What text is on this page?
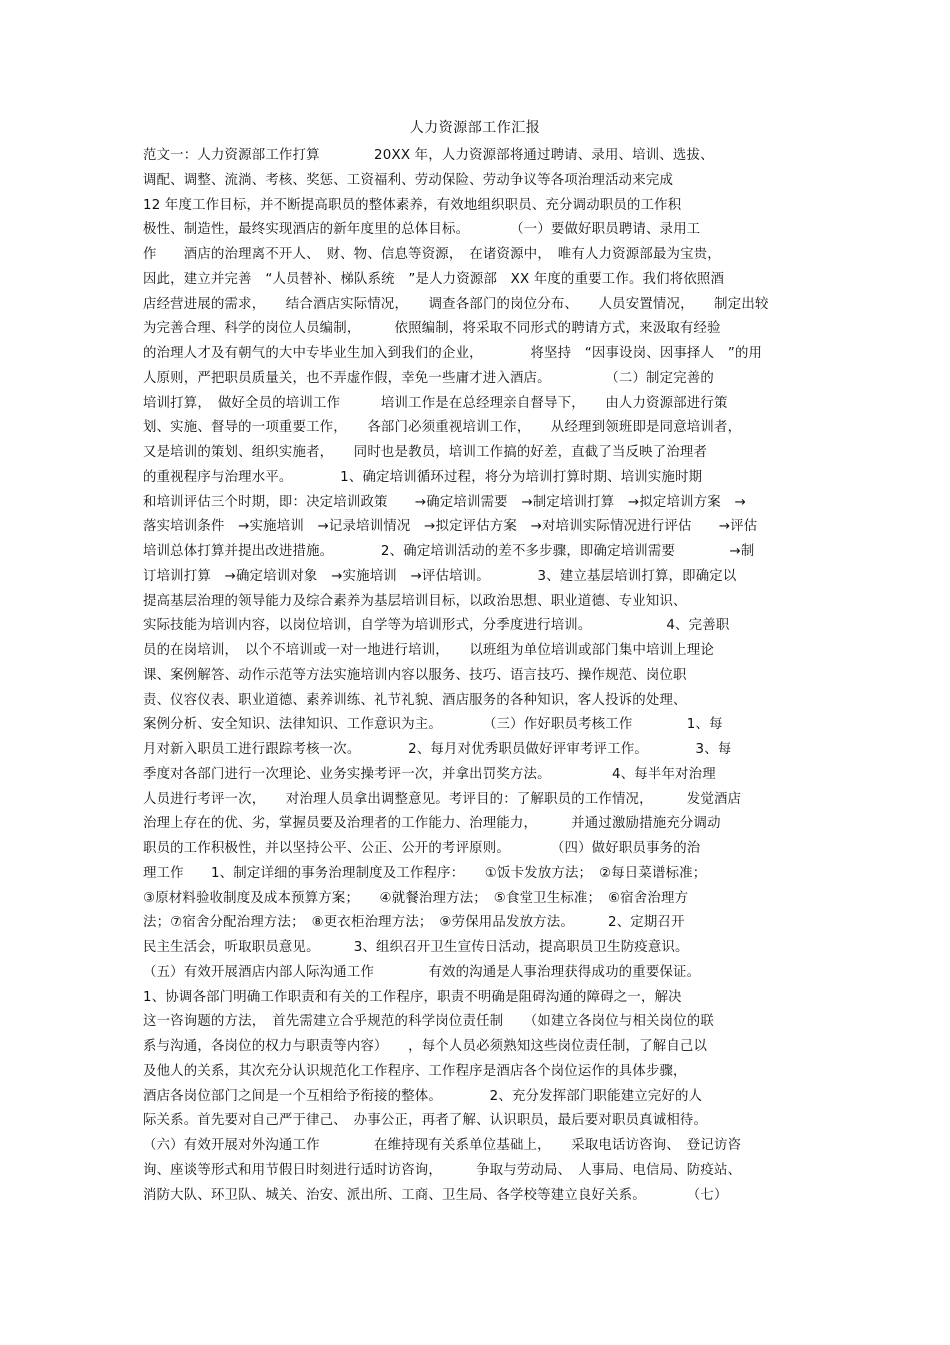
人力资源部工作汇报
范文一：人力资源部工作打算　　　　20XX 年，人力资源部将通过聘请、录用、培训、选拔、
调配、调整、流淌、考核、奖惩、工资福利、劳动保险、劳动争议等各项治理活动来完成
12 年度工作目标，并不断提高职员的整体素养，有效地组织职员、充分调动职员的工作积
极性、制造性，最终实现酒店的新年度里的总体目标。　　　　（一）要做好职员聘请、录用工
作　　酒店的治理离不开人、　财、物、信息等资源，　在诸资源中，　唯有人力资源部最为宝贵，
因此，建立并完善　“人员替补、梯队系统　”是人力资源部　XX 年度的重要工作。我们将依照酒
店经营进展的需求，　　结合酒店实际情况，　　调查各部门的岗位分布、　　人员安置情况，　　制定出较
为完善合理、科学的岗位人员编制，　　　依照编制，将采取不同形式的聘请方式，来汲取有经验
的治理人才及有朝气的大中专毕业生加入到我们的企业，　　　　将坚持　“因事设岗、因事择人　”的用
人原则，严把职员质量关，也不弄虚作假，幸免一些庸才进入酒店。　　　　　（二）制定完善的
培训打算，　做好全员的培训工作　　　培训工作是在总经理亲自督导下，　　由人力资源部进行策
划、实施、督导的一项重要工作，　　各部门必须重视培训工作，　　从经理到领班即是同意培训者，
又是培训的策划、组织实施者，　　同时也是教员，培训工作搞的好差，直截了当反映了治理者
的重视程序与治理水平。　　　　1、确定培训循环过程，将分为培训打算时期、培训实施时期
和培训评估三个时期，即：决定培训政策　　→确定培训需要　→制定培训打算　→拟定培训方案　→
落实培训条件　→实施培训　→记录培训情况　→拟定评估方案　→对培训实际情况进行评估　　→评估
培训总体打算并提出改进措施。　　　　2、确定培训活动的差不多步骤，即确定培训需要　　　　→制
订培训打算　→确定培训对象　→实施培训　→评估培训。　　　　3、建立基层培训打算，即确定以
提高基层治理的领导能力及综合素养为基层培训目标，以政治思想、职业道德、专业知识、
实际技能为培训内容，以岗位培训，自学等为培训形式，分季度进行培训。　　　　　　4、完善职
员的在岗培训，　以个不培训或一对一地进行培训，　　以班组为单位培训或部门集中培训上理论
课、案例解答、动作示范等方法实施培训内容以服务、技巧、语言技巧、操作规范、岗位职
责、仪容仪表、职业道德、素养训练、礼节礼貌、酒店服务的各种知识，客人投诉的处理、
案例分析、安全知识、法律知识、工作意识为主。　　　　（三）作好职员考核工作　　　　1、每
月对新入职员工进行跟踪考核一次。　　　　2、每月对优秀职员做好评审考评工作。　　　　3、每
季度对各部门进行一次理论、业务实操考评一次，并拿出罚奖方法。　　　　　4、每半年对治理
人员进行考评一次，　　对治理人员拿出调整意见。考评目的：了解职员的工作情况，　　　发觉酒店
治理上存在的优、劣，掌握员要及治理者的工作能力、治理能力，　　　并通过激励措施充分调动
职员的工作积极性，并以坚持公平、公正、公开的考评原则。　　　　（四）做好职员事务的治
理工作　　1、制定详细的事务治理制度及工作程序：　　①饭卡发放方法；　②每日菜谱标准；
③原材料验收制度及成本预算方案；　　④就餐治理方法；　⑤食堂卫生标准；　⑥宿舍治理方
法；⑦宿舍分配治理方法；　⑧更衣柜治理方法；　⑨劳保用品发放方法。　　　2、定期召开
民主生活会，听取职员意见。　　　3、组织召开卫生宣传日活动，提高职员卫生防疫意识。
（五）有效开展酒店内部人际沟通工作　　　　有效的沟通是人事治理获得成功的重要保证。
1、协调各部门明确工作职责和有关的工作程序，职责不明确是阻碍沟通的障碍之一，解决
这一咨询题的方法，　首先需建立合乎规范的科学岗位责任制　　（如建立各岗位与相关岗位的联
系与沟通，各岗位的权力与职责等内容）　　，每个人员必须熟知这些岗位责任制，了解自己以
及他人的关系，其次充分认识规范化工作程序、工作程序是酒店各个岗位运作的具体步骤，
酒店各岗位部门之间是一个互相给予衔接的整体。　　　　2、充分发挥部门职能建立完好的人
际关系。首先要对自己严于律己、　办事公正，再者了解、认识职员，最后要对职员真诚相待。
（六）有效开展对外沟通工作　　　　在维持现有关系单位基础上，　　采取电话访咨询、　登记访咨
询、座谈等形式和用节假日时刻进行适时访咨询，　　　争取与劳动局、　人事局、电信局、防疫站、
消防大队、环卫队、城关、治安、派出所、工商、卫生局、各学校等建立良好关系。　　　　（七）
